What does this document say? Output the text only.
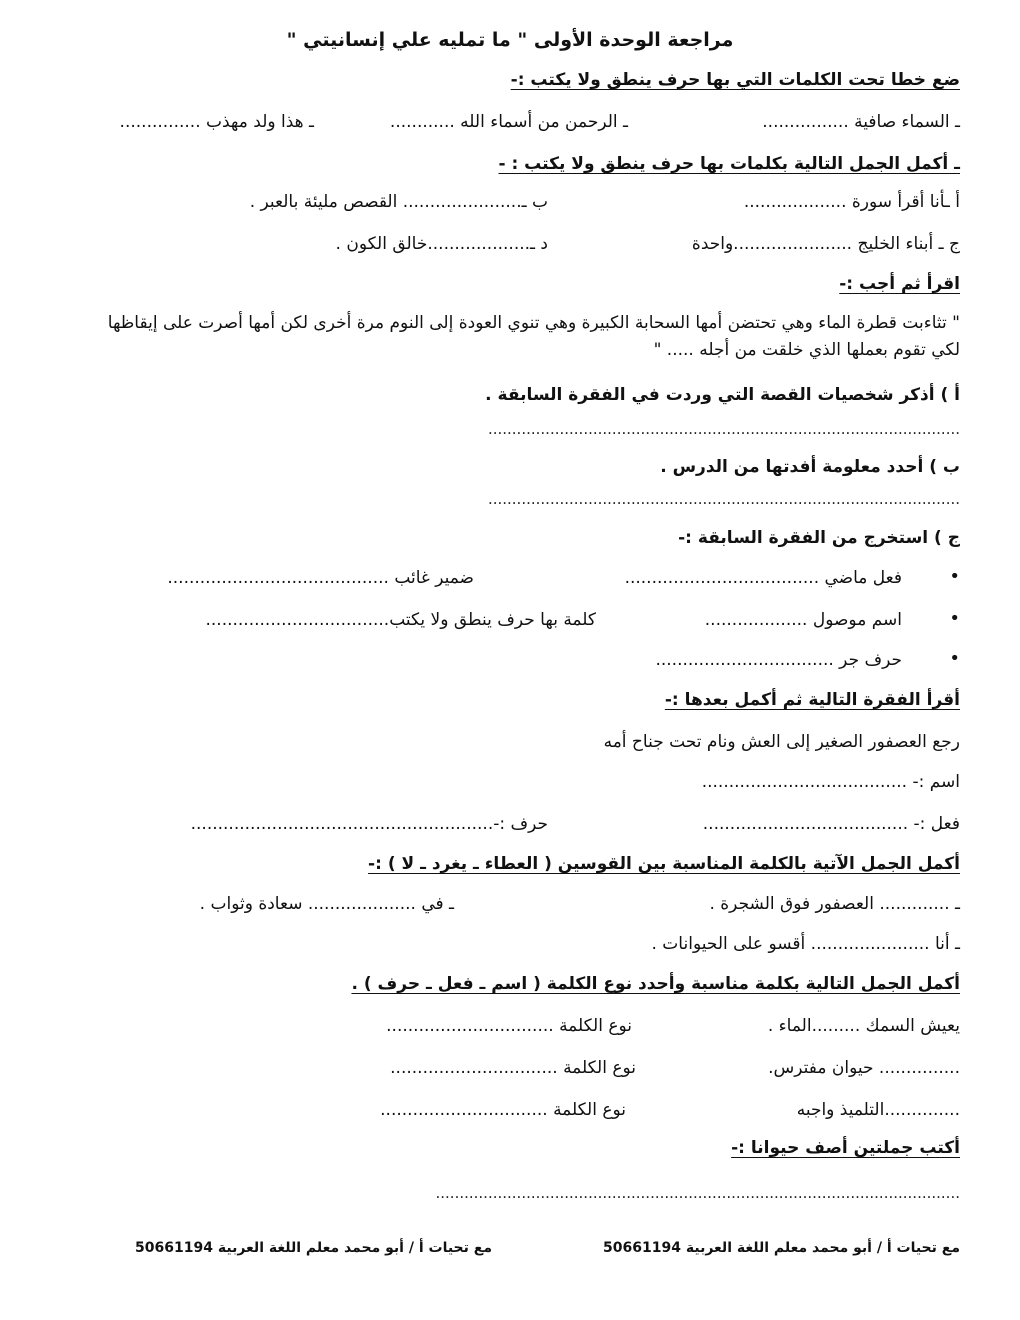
مراجعة الوحدة الأولى " ما تمليه علي إنسانيتي "
ضع خطا تحت الكلمات التي بها حرف ينطق ولا يكتب :-
ـ السماء صافية ................
ـ الرحمن من أسماء الله ............
ـ هذا ولد مهذب ...............
ـ أكمل الجمل التالية بكلمات بها حرف ينطق ولا يكتب : -
أ ـأنا أقرأ سورة ...................
ب ـ...................... القصص مليئة بالعبر .
ج ـ أبناء الخليج ......................واحدة
د ـ...................خالق الكون .
اقرأ ثم أجب :-
" تثاءبت قطرة الماء وهي تحتضن أمها السحابة الكبيرة وهي تنوي العودة إلى النوم مرة أخرى لكن أمها أصرت على إيقاظها لكي تقوم بعملها الذي خلقت من أجله ..... "
أ ) أذكر شخصيات القصة التي وردت في الفقرة السابقة .
...................................................................................................
ب ) أحدد معلومة أفدتها من الدرس .
...................................................................................................
ج ) استخرج من الفقرة السابقة :-
•
فعل ماضي ....................................
ضمير غائب .........................................
•
اسم موصول ...................
كلمة بها حرف ينطق ولا يكتب..................................
•
حرف جر .................................
أقرأ الفقرة التالية ثم أكمل بعدها :-
رجع العصفور الصغير إلى العش ونام تحت جناح أمه
اسم :- ......................................
فعل :- ......................................
حرف :-........................................................
أكمل الجمل الآتية بالكلمة المناسبة بين القوسين ( العطاء ـ يغرد ـ لا ) :-
ـ ............. العصفور فوق الشجرة .
ـ في .................... سعادة وثواب .
ـ أنا ...................... أقسو على الحيوانات .
أكمل الجمل التالية بكلمة مناسبة وأحدد نوع الكلمة ( اسم ـ فعل ـ حرف ) .
يعيش السمك .........الماء .
نوع الكلمة ...............................
............... حيوان مفترس.
نوع الكلمة ...............................
..............التلميذ واجبه
نوع الكلمة ...............................
أكتب جملتين أصف حيوانا :-
..............................................................................................................
مع تحيات أ / أبو محمد معلم اللغة العربية 50661194
مع تحيات أ / أبو محمد معلم اللغة العربية 50661194
